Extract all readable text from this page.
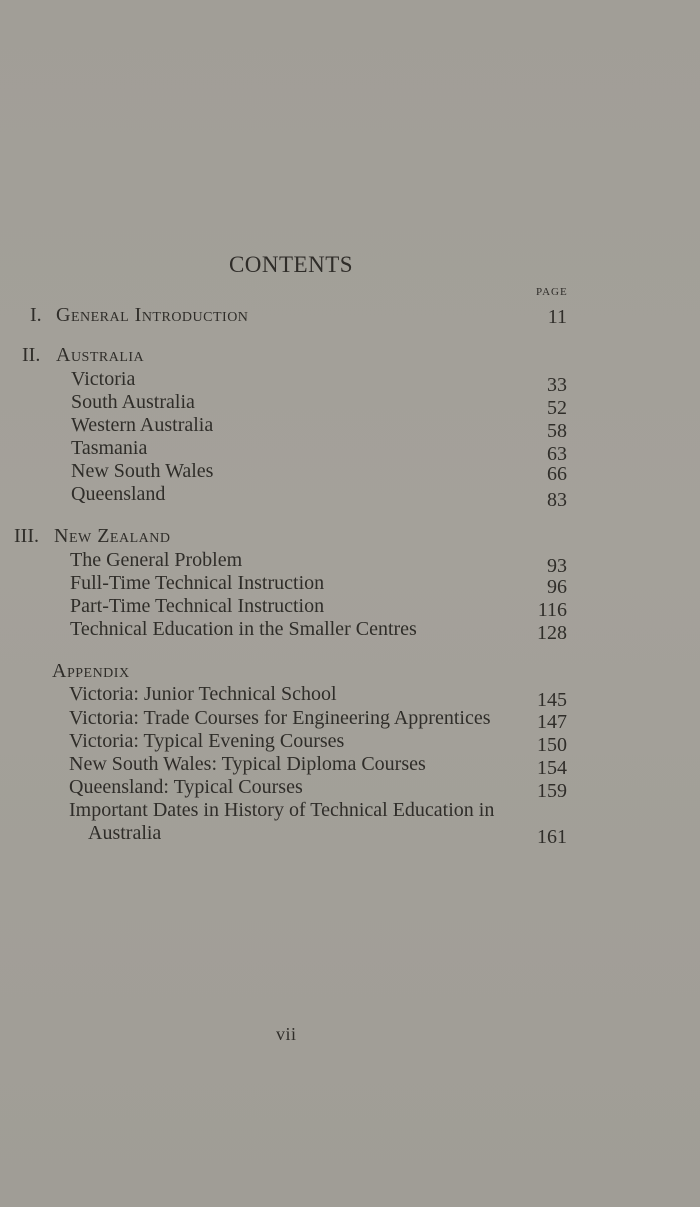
CONTENTS
PAGE
I. General Introduction	11
II. Australia
Victoria	33
South Australia	52
Western Australia	58
Tasmania	63
New South Wales	66
Queensland	83
III. New Zealand
The General Problem	93
Full-Time Technical Instruction	96
Part-Time Technical Instruction	116
Technical Education in the Smaller Centres	128
Appendix
Victoria: Junior Technical School	145
Victoria: Trade Courses for Engineering Apprentices 147
Victoria: Typical Evening Courses	150
New South Wales: Typical Diploma Courses	154
Queensland: Typical Courses	159
Important Dates in History of Technical Education in
Australia	161
vii
